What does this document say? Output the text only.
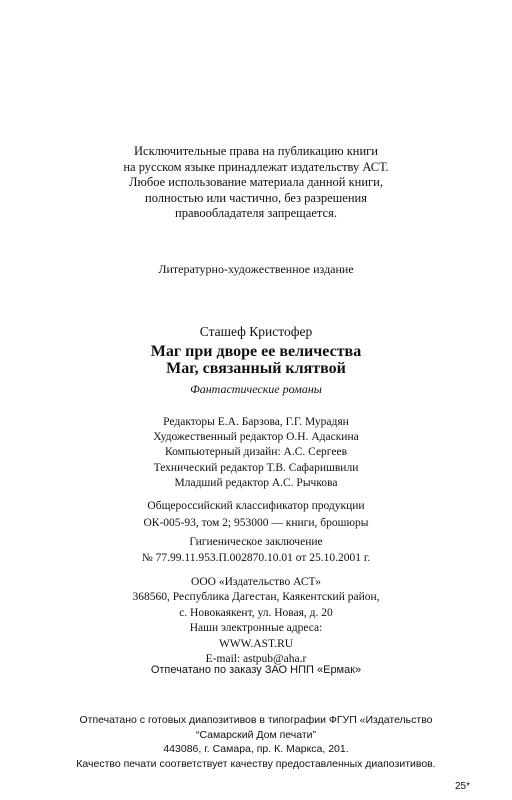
Исключительные права на публикацию книги
на русском языке принадлежат издательству АСТ.
Любое использование материала данной книги,
полностью или частично, без разрешения
правообладателя запрещается.
Литературно-художественное издание
Сташеф Кристофер
Маг при дворе ее величества
Маг, связанный клятвой
Фантастические романы
Редакторы Е.А. Барзова, Г.Г. Мурадян
Художественный редактор О.Н. Адаскина
Компьютерный дизайн: А.С. Сергеев
Технический редактор Т.В. Сафаришвили
Младший редактор А.С. Рычкова
Общероссийский классификатор продукции
ОК-005-93, том 2; 953000 — книги, брошюры
Гигиеническое заключение
№ 77.99.11.953.П.002870.10.01 от 25.10.2001 г.
ООО «Издательство АСТ»
368560, Республика Дагестан, Каякентский район,
с. Новокаякент, ул. Новая, д. 20
Наши электронные адреса:
WWW.AST.RU
E-mail: astpub@aha.r
Отпечатано по заказу ЗАО НПП «Ермак»
Отпечатано с готовых диапозитивов в типографии ФГУП «Издательство
“Самарский Дом печати”
443086, г. Самара, пр. К. Маркса, 201.
Качество печати соответствует качеству предоставленных диапозитивов.
25*
